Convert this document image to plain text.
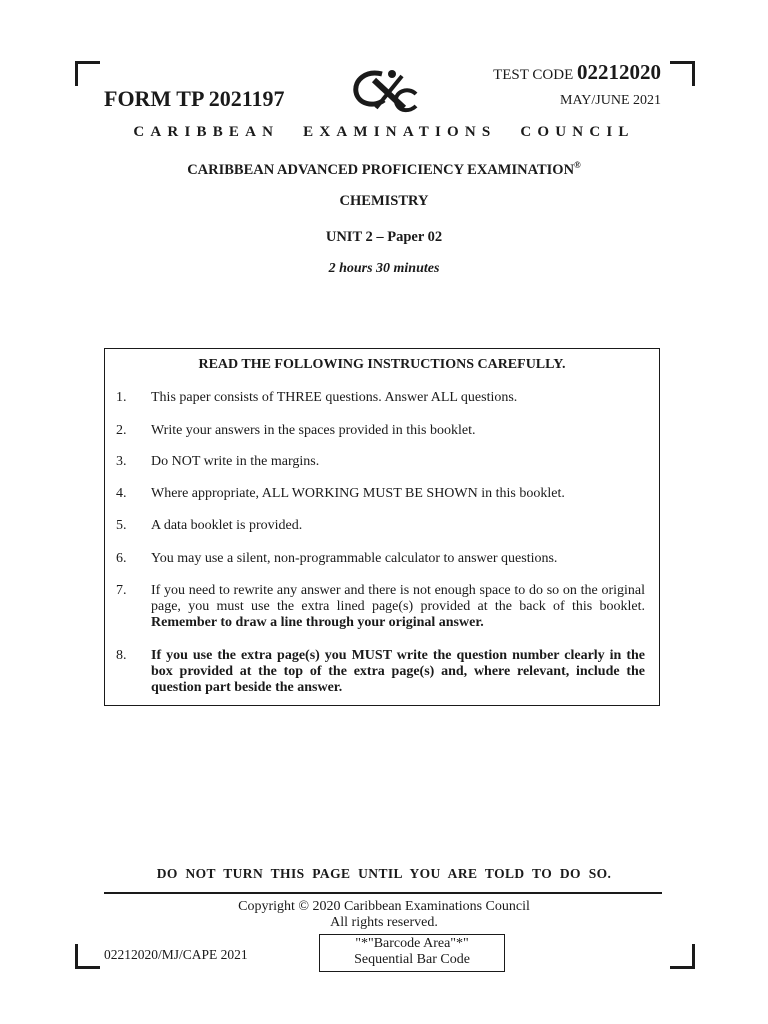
FORM TP 2021197
TEST CODE 02212020
MAY/JUNE 2021
CARIBBEAN EXAMINATIONS COUNCIL
CARIBBEAN ADVANCED PROFICIENCY EXAMINATION®
CHEMISTRY
UNIT 2 – Paper 02
2 hours 30 minutes
READ THE FOLLOWING INSTRUCTIONS CAREFULLY.
1. This paper consists of THREE questions. Answer ALL questions.
2. Write your answers in the spaces provided in this booklet.
3. Do NOT write in the margins.
4. Where appropriate, ALL WORKING MUST BE SHOWN in this booklet.
5. A data booklet is provided.
6. You may use a silent, non-programmable calculator to answer questions.
7. If you need to rewrite any answer and there is not enough space to do so on the original page, you must use the extra lined page(s) provided at the back of this booklet. Remember to draw a line through your original answer.
8. If you use the extra page(s) you MUST write the question number clearly in the box provided at the top of the extra page(s) and, where relevant, include the question part beside the answer.
DO NOT TURN THIS PAGE UNTIL YOU ARE TOLD TO DO SO.
Copyright © 2020 Caribbean Examinations Council
All rights reserved.
02212020/MJ/CAPE 2021
"*"Barcode Area"*"
Sequential Bar Code
